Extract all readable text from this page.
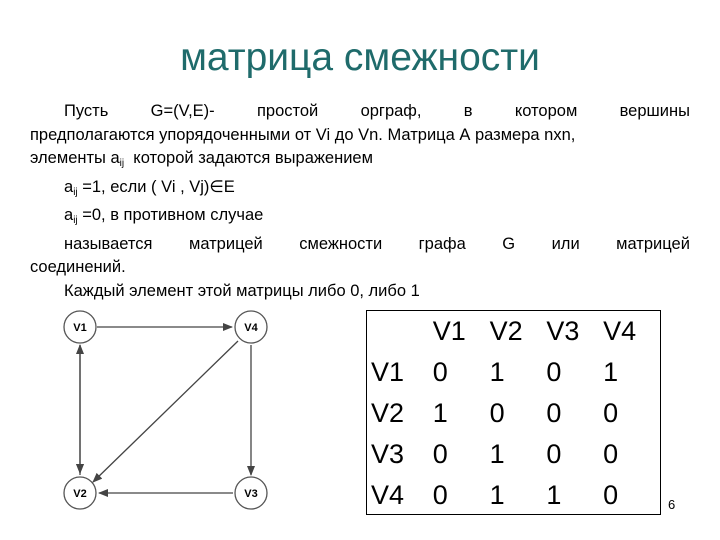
матрица смежности
Пусть	G=(V,E)-	простой	орграф,	в	котором	вершины
предполагаются упорядоченными от Vi до Vn. Матрица А размера nxn,
элементы $a_{ij}$  которой задаются выражением
$a_{ij} =1$, если ( Vi , Vj)∈E
$a_{ij} =0$, в противном случае
называется матрицей смежности графа G или матрицей
соединений.
Каждый элемент этой матрицы либо 0, либо 1
V1	V4
V2	V3
	V1	V2	V3	V4
V1	0	1	0	1
V2	1	0	0	0
V3	0	1	0	0
V4	0	1	1	0	6
